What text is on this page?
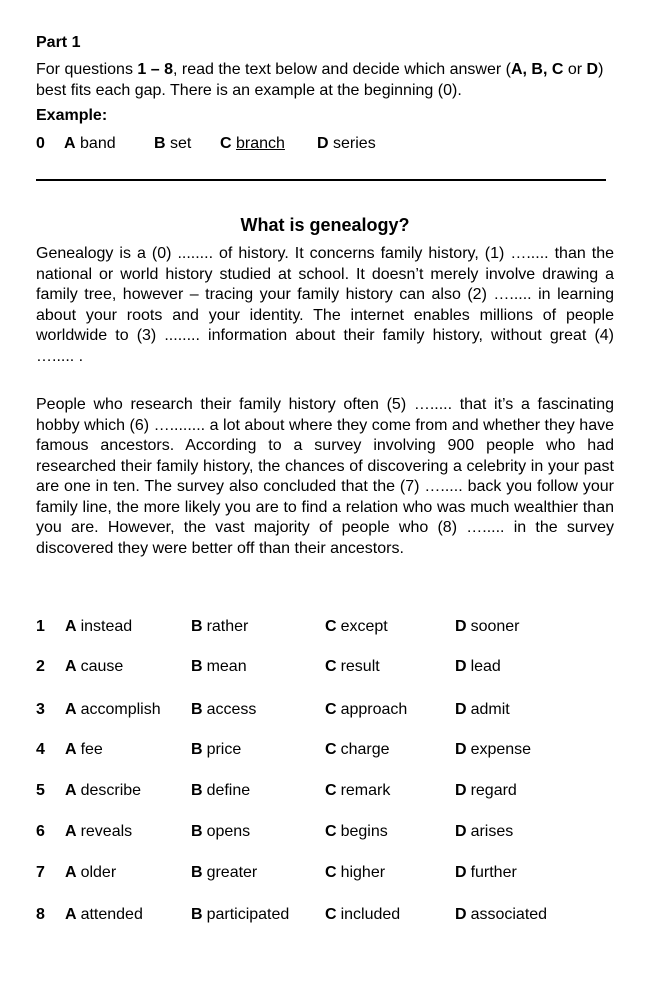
Part 1
For questions 1 – 8, read the text below and decide which answer (A, B, C or D) best fits each gap. There is an example at the beginning (0).
Example:
0 A band B set C branch D series
What is genealogy?
Genealogy is a (0) ........ of history. It concerns family history, (1) …..... than the national or world history studied at school. It doesn’t merely involve drawing a family tree, however – tracing your family history can also (2) …..... in learning about your roots and your identity. The internet enables millions of people worldwide to (3) ........ information about their family history, without great (4) …..... .
People who research their family history often (5) …..... that it’s a fascinating hobby which (6) …........ a lot about where they come from and whether they have famous ancestors. According to a survey involving 900 people who had researched their family history, the chances of discovering a celebrity in your past are one in ten. The survey also concluded that the (7) …..... back you follow your family line, the more likely you are to find a relation who was much wealthier than you are. However, the vast majority of people who (8) …..... in the survey discovered they were better off than their ancestors.
1 A instead	B rather	C except	D sooner
2 A cause	B mean	C result	D lead
3 A accomplish B access	C approach	D admit
4 A fee	B price	C charge	D expense
5 A describe	B define	C remark	D regard
6 A reveals	B opens	C begins	D arises
7 A older	B greater	C higher	D further
8 A attended	B participated C included	D associated
